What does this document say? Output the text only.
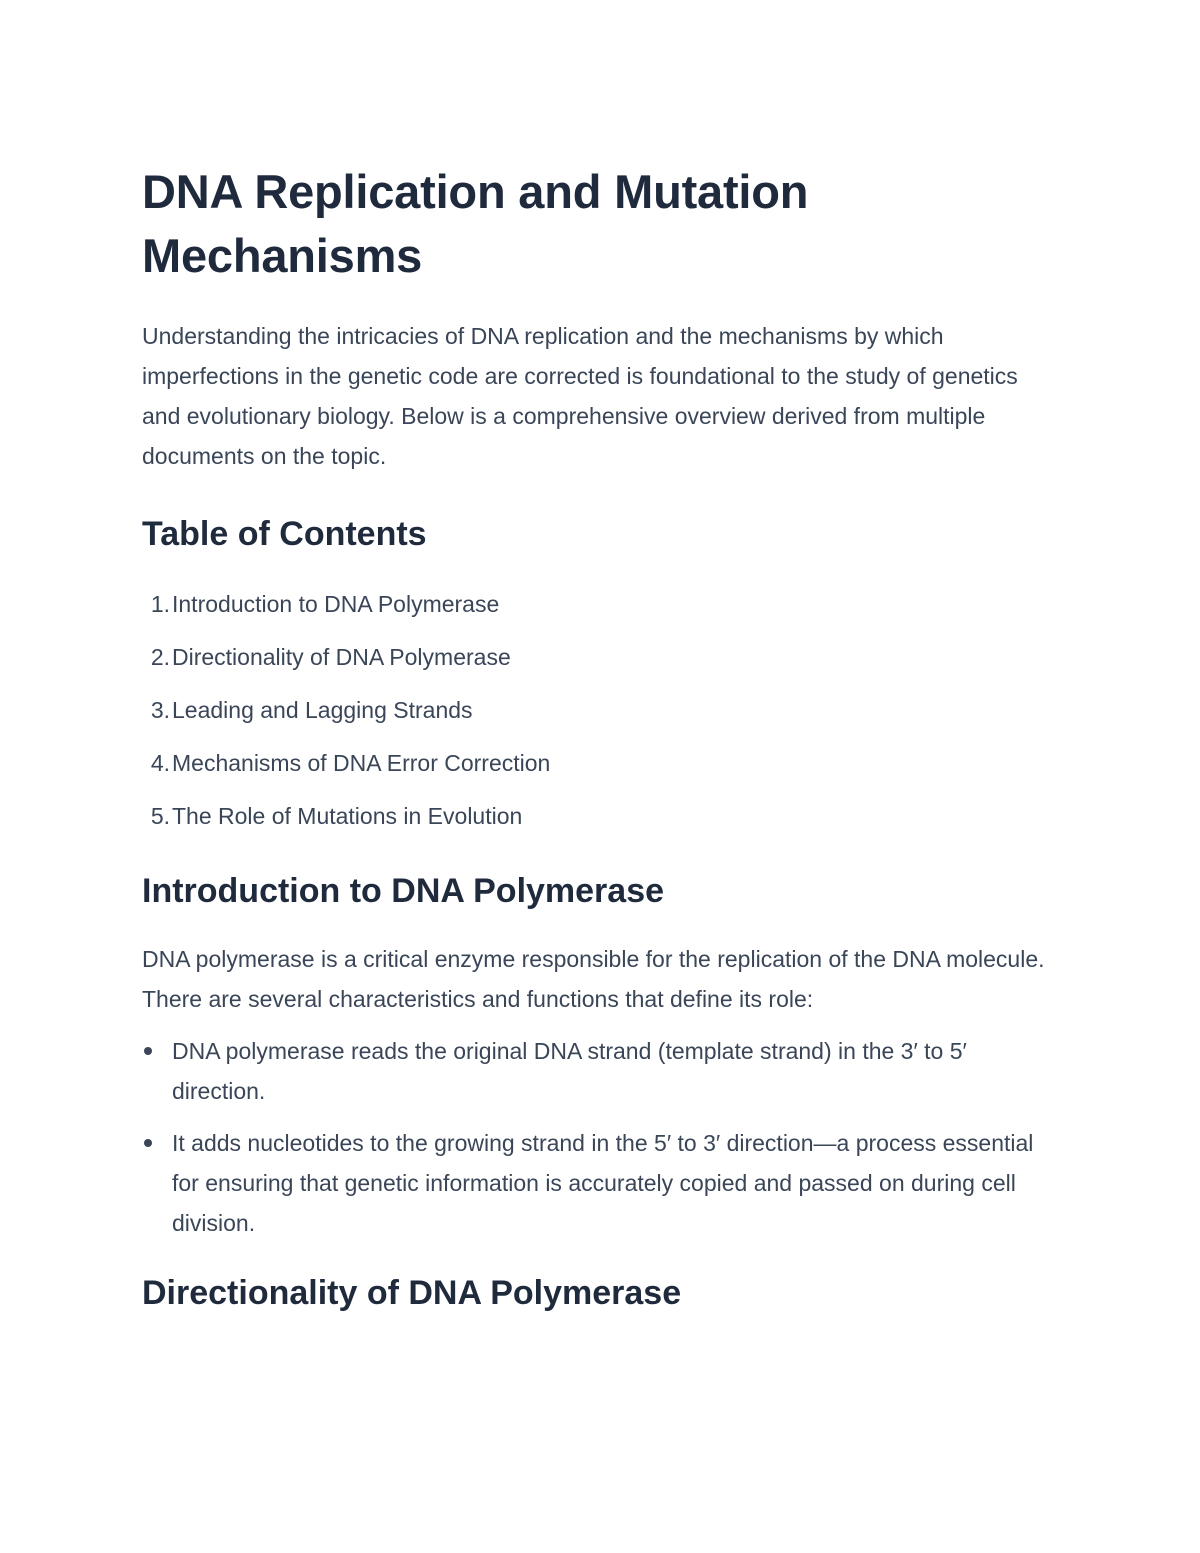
DNA Replication and Mutation Mechanisms

Understanding the intricacies of DNA replication and the mechanisms by which imperfections in the genetic code are corrected is foundational to the study of genetics and evolutionary biology. Below is a comprehensive overview derived from multiple documents on the topic.

Table of Contents
1. Introduction to DNA Polymerase
2. Directionality of DNA Polymerase
3. Leading and Lagging Strands
4. Mechanisms of DNA Error Correction
5. The Role of Mutations in Evolution
Introduction to DNA Polymerase

DNA polymerase is a critical enzyme responsible for the replication of the DNA molecule. There are several characteristics and functions that define its role:

DNA polymerase reads the original DNA strand (template strand) in the 3′ to 5′ direction.
It adds nucleotides to the growing strand in the 5′ to 3′ direction—a process essential for ensuring that genetic information is accurately copied and passed on during cell division.
Directionality of DNA Polymerase
